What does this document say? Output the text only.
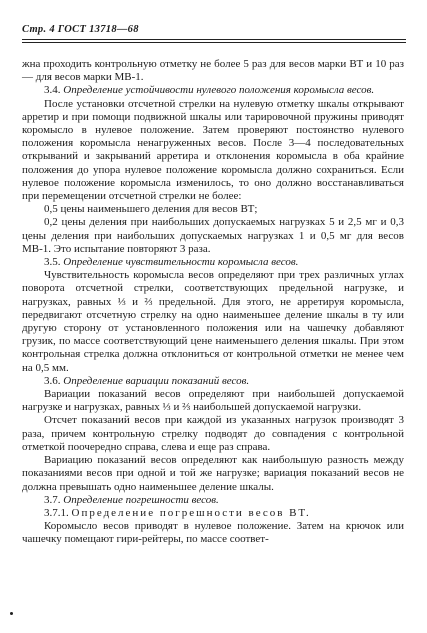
Стр. 4 ГОСТ 13718—68

жна проходить контрольную отметку не более 5 раз для весов марки ВТ и 10 раз — для весов марки МВ-1.

3.4. Определение устойчивости нулевого положения коромысла весов.

После установки отсчетной стрелки на нулевую отметку шкалы открывают арретир и при помощи подвижной шкалы или тарировочной пружины приводят коромысло в нулевое положение. Затем проверяют постоянство нулевого положения коромысла ненагруженных весов. После 3—4 последовательных открываний и закрываний арретира и отклонения коромысла в оба крайние положения до упора нулевое положение коромысла должно сохраниться. Если нулевое положение коромысла изменилось, то оно должно восстанавливаться при перемещении отсчетной стрелки не более:

0,5 цены наименьшего деления для весов ВТ;

0,2 цены деления при наибольших допускаемых нагрузках 5 и 2,5 мг и 0,3 цены деления при наибольших допускаемых нагрузках 1 и 0,5 мг для весов МВ-1. Это испытание повторяют 3 раза.

3.5. Определение чувствительности коромысла весов.

Чувствительность коромысла весов определяют при трех различных углах поворота отсчетной стрелки, соответствующих предельной нагрузке, и нагрузках, равных ⅓ и ⅔ предельной. Для этого, не арретируя коромысла, передвигают отсчетную стрелку на одно наименьшее деление шкалы в ту или другую сторону от установленного положения или на чашечку добавляют грузик, по массе соответствующий цене наименьшего деления шкалы. При этом контрольная стрелка должна отклониться от контрольной отметки не менее чем на 0,5 мм.

3.6. Определение вариации показаний весов.

Вариации показаний весов определяют при наибольшей допускаемой нагрузке и нагрузках, равных ⅓ и ⅔ наибольшей допускаемой нагрузки.

Отсчет показаний весов при каждой из указанных нагрузок производят 3 раза, причем контрольную стрелку подводят до совпадения с контрольной отметкой поочередно справа, слева и еще раз справа.

Вариацию показаний весов определяют как наибольшую разность между показаниями весов при одной и той же нагрузке; вариация показаний весов не должна превышать одно наименьшее деление шкалы.

3.7. Определение погрешности весов.

3.7.1. Определение погрешности весов ВТ.

Коромысло весов приводят в нулевое положение. Затем на крючок или чашечку помещают гири-рейтеры, по массе соответ-
